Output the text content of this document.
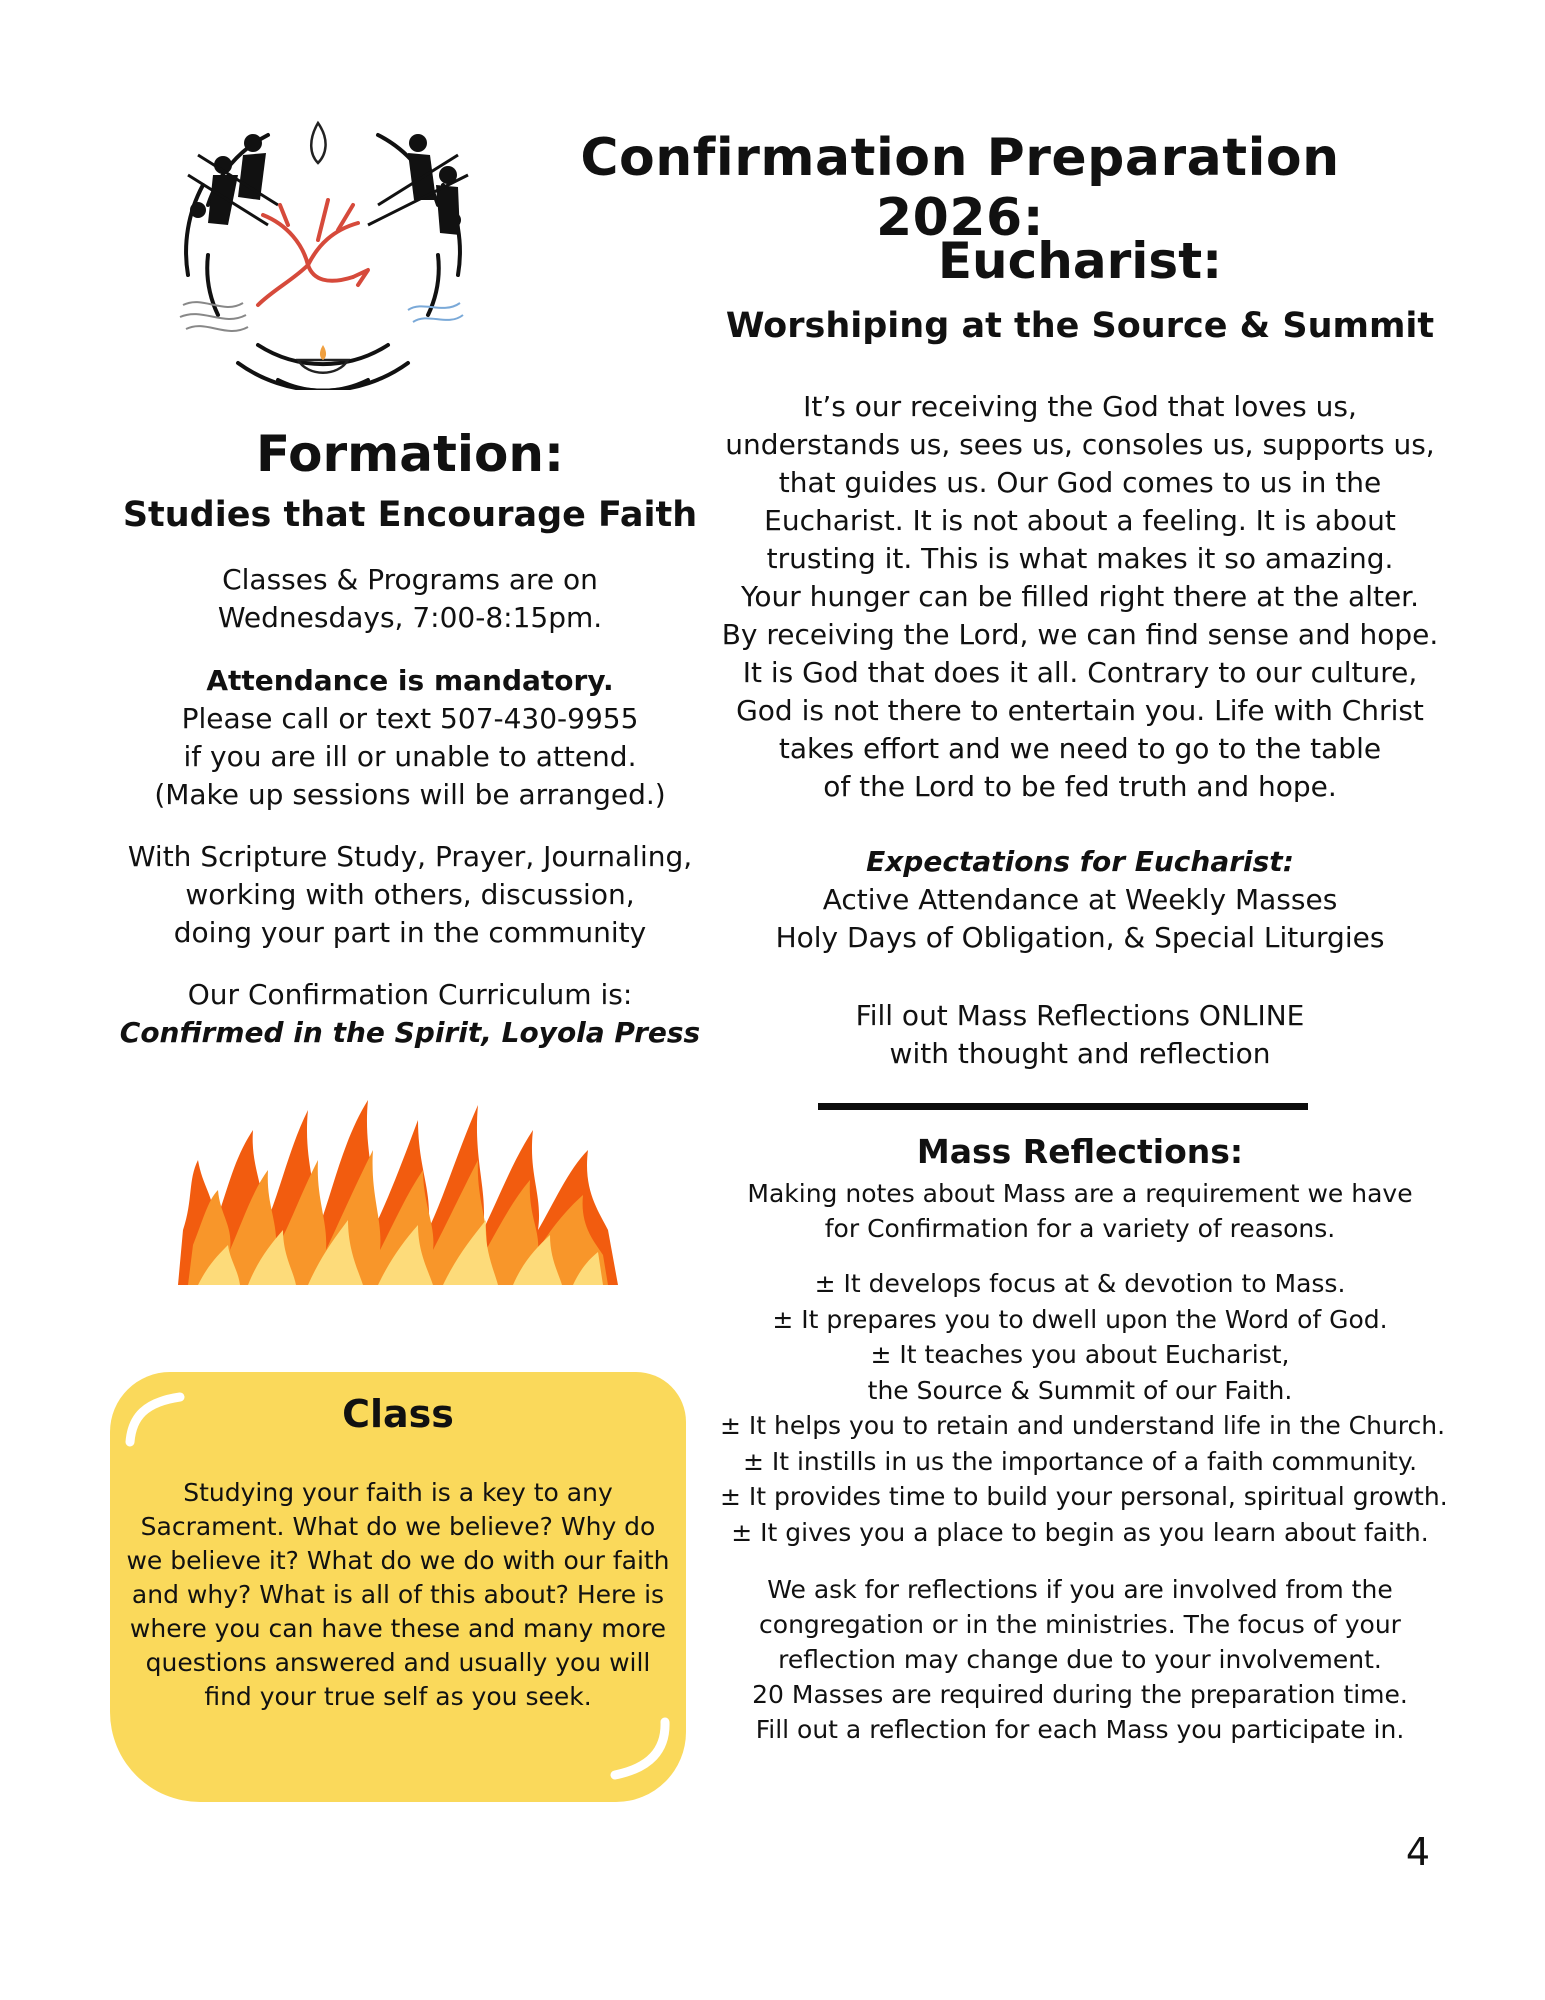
Confirmation Preparation 2026:
Eucharist:
Worshiping at the Source & Summit
It’s our receiving the God that loves us,
understands us, sees us, consoles us, supports us,
that guides us. Our God comes to us in the
Eucharist. It is not about a feeling. It is about
trusting it. This is what makes it so amazing.
Your hunger can be filled right there at the alter.
By receiving the Lord, we can find sense and hope.
It is God that does it all. Contrary to our culture,
God is not there to entertain you. Life with Christ
takes effort and we need to go to the table
of the Lord to be fed truth and hope.
Expectations for Eucharist:
Active Attendance at Weekly Masses
Holy Days of Obligation, & Special Liturgies
Fill out Mass Reflections ONLINE
with thought and reflection
Mass Reflections:
Making notes about Mass are a requirement we have
for Confirmation for a variety of reasons.
± It develops focus at & devotion to Mass.
± It prepares you to dwell upon the Word of God.
± It teaches you about Eucharist,
the Source & Summit of our Faith.
± It helps you to retain and understand life in the Church.
± It instills in us the importance of a faith community.
± It provides time to build your personal, spiritual growth.
± It gives you a place to begin as you learn about faith.
We ask for reflections if you are involved from the
congregation or in the ministries. The focus of your
reflection may change due to your involvement.
20 Masses are required during the preparation time.
Fill out a reflection for each Mass you participate in.
Formation:
Studies that Encourage Faith
Classes & Programs are on
Wednesdays, 7:00-8:15pm.
Attendance is mandatory.
Please call or text 507-430-9955
if you are ill or unable to attend.
(Make up sessions will be arranged.)
With Scripture Study, Prayer, Journaling,
working with others, discussion,
doing your part in the community
Our Confirmation Curriculum is:
Confirmed in the Spirit, Loyola Press
Class
Studying your faith is a key to any
Sacrament. What do we believe? Why do
we believe it? What do we do with our faith
and why? What is all of this about? Here is
where you can have these and many more
questions answered and usually you will
find your true self as you seek.
4
